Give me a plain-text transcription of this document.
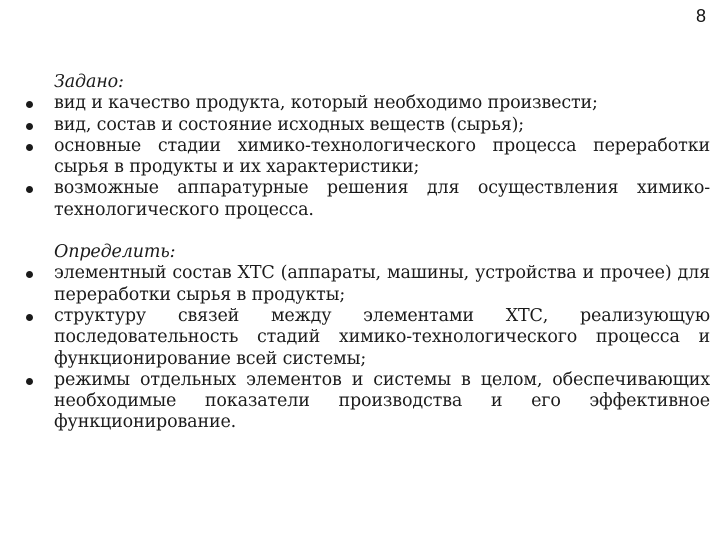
8
Задано:
вид и качество продукта, который необходимо произвести;
вид, состав и состояние исходных веществ (сырья);
основные стадии химико-технологического процесса переработки сырья в продукты и их характеристики;
возможные аппаратурные решения для осуществления химико-технологического процесса.
Определить:
элементный состав ХТС (аппараты, машины, устройства и прочее) для переработки сырья в продукты;
структуру связей между элементами ХТС, реализующую последовательность стадий химико-технологического процесса и функционирование всей системы;
режимы отдельных элементов и системы в целом, обеспечивающих необходимые показатели производства и его эффективное функционирование.
